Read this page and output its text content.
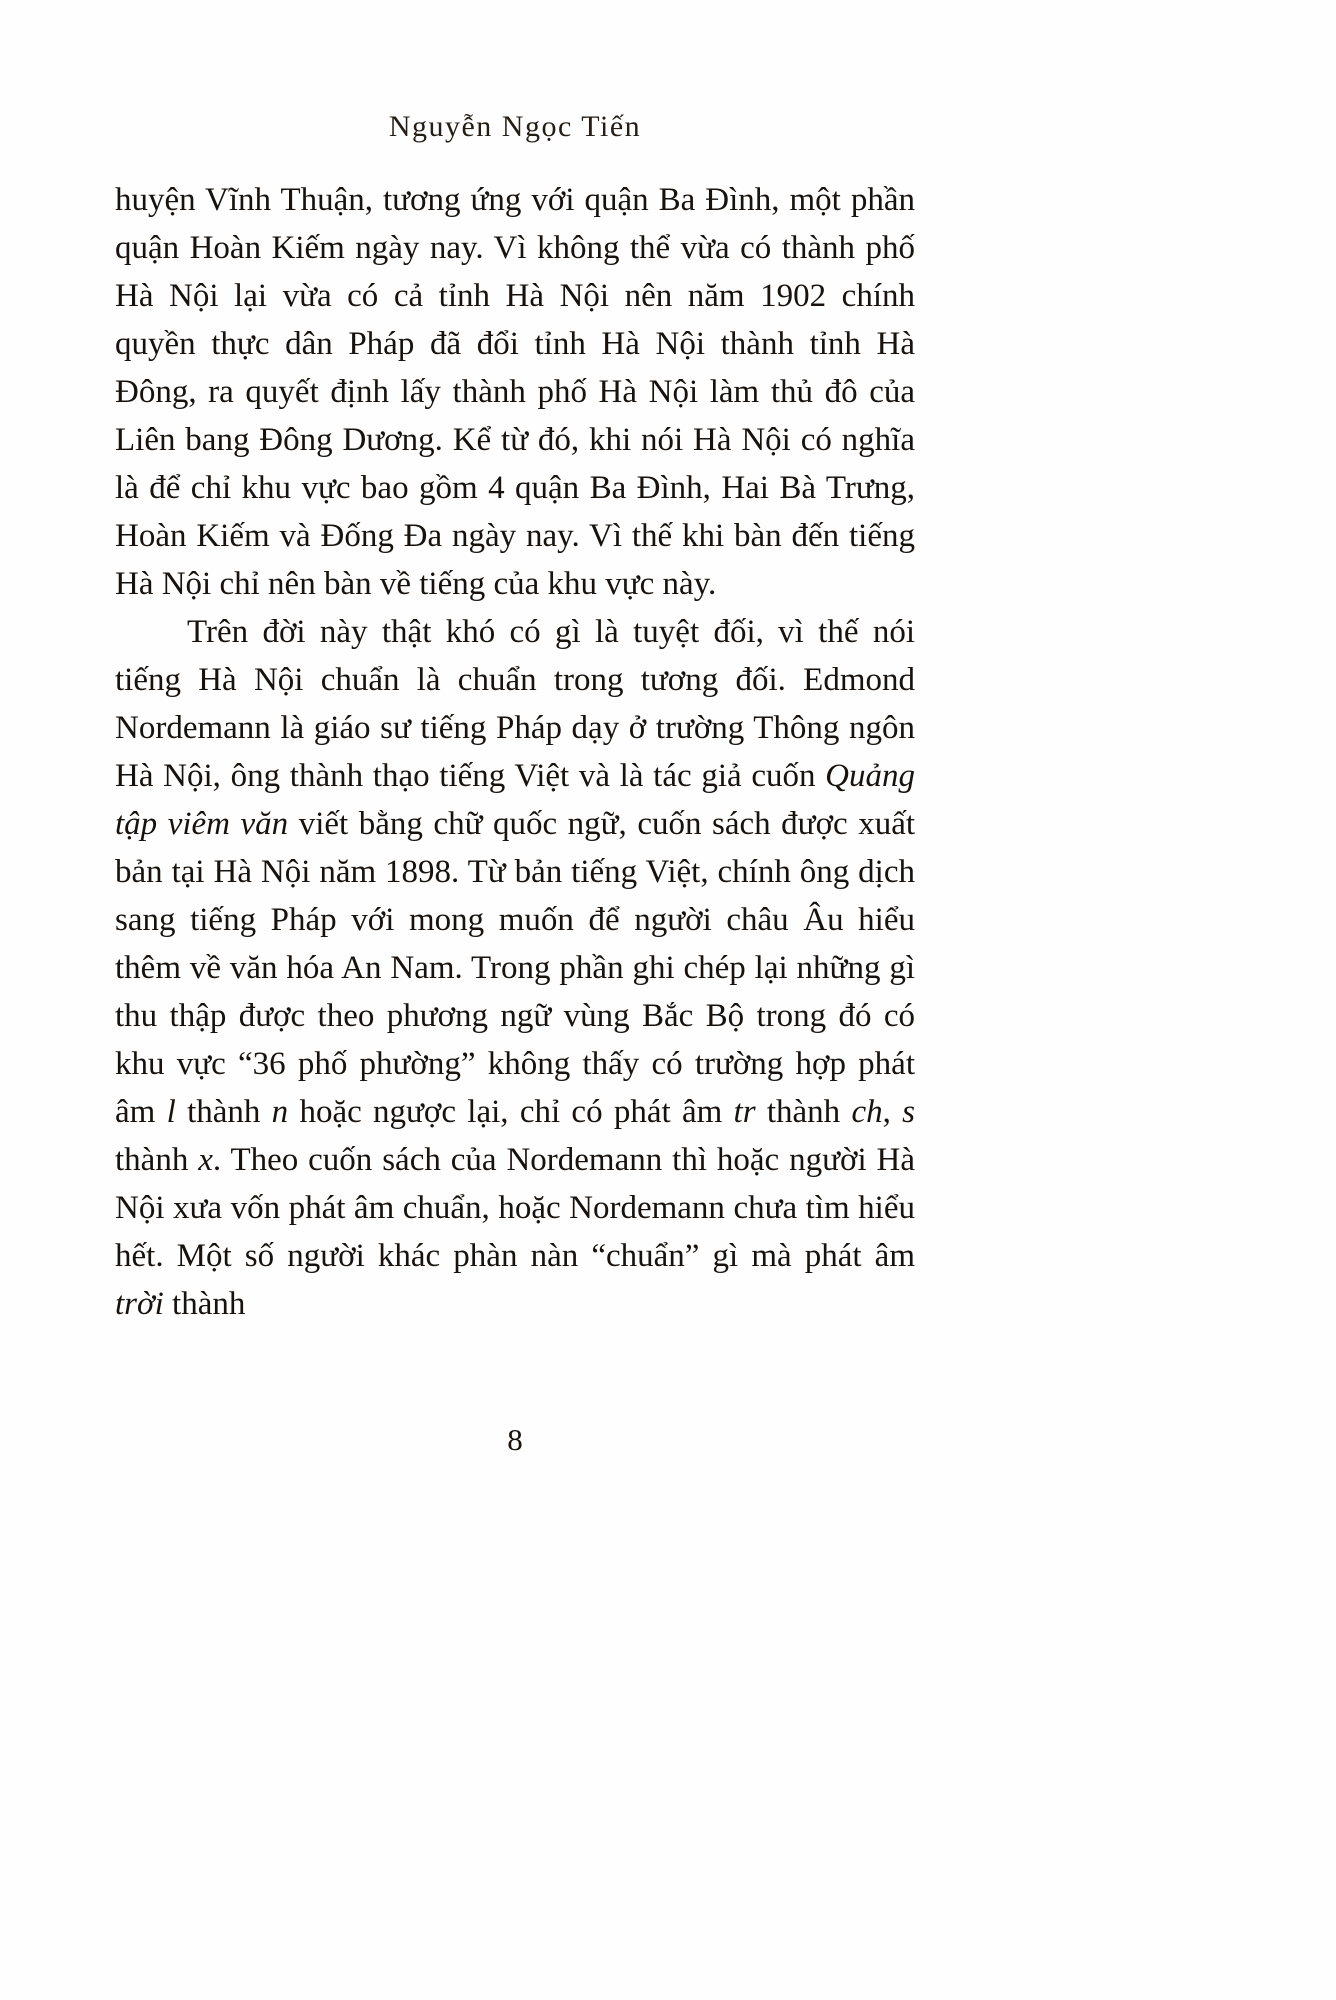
Nguyễn Ngọc Tiến

huyện Vĩnh Thuận, tương ứng với quận Ba Đình, một phần quận Hoàn Kiếm ngày nay. Vì không thể vừa có thành phố Hà Nội lại vừa có cả tỉnh Hà Nội nên năm 1902 chính quyền thực dân Pháp đã đổi tỉnh Hà Nội thành tỉnh Hà Đông, ra quyết định lấy thành phố Hà Nội làm thủ đô của Liên bang Đông Dương. Kể từ đó, khi nói Hà Nội có nghĩa là để chỉ khu vực bao gồm 4 quận Ba Đình, Hai Bà Trưng, Hoàn Kiếm và Đống Đa ngày nay. Vì thế khi bàn đến tiếng Hà Nội chỉ nên bàn về tiếng của khu vực này.

Trên đời này thật khó có gì là tuyệt đối, vì thế nói tiếng Hà Nội chuẩn là chuẩn trong tương đối. Edmond Nordemann là giáo sư tiếng Pháp dạy ở trường Thông ngôn Hà Nội, ông thành thạo tiếng Việt và là tác giả cuốn Quảng tập viêm văn viết bằng chữ quốc ngữ, cuốn sách được xuất bản tại Hà Nội năm 1898. Từ bản tiếng Việt, chính ông dịch sang tiếng Pháp với mong muốn để người châu Âu hiểu thêm về văn hóa An Nam. Trong phần ghi chép lại những gì thu thập được theo phương ngữ vùng Bắc Bộ trong đó có khu vực “36 phố phường” không thấy có trường hợp phát âm l thành n hoặc ngược lại, chỉ có phát âm tr thành ch, s thành x. Theo cuốn sách của Nordemann thì hoặc người Hà Nội xưa vốn phát âm chuẩn, hoặc Nordemann chưa tìm hiểu hết. Một số người khác phàn nàn “chuẩn” gì mà phát âm trời thành

8
